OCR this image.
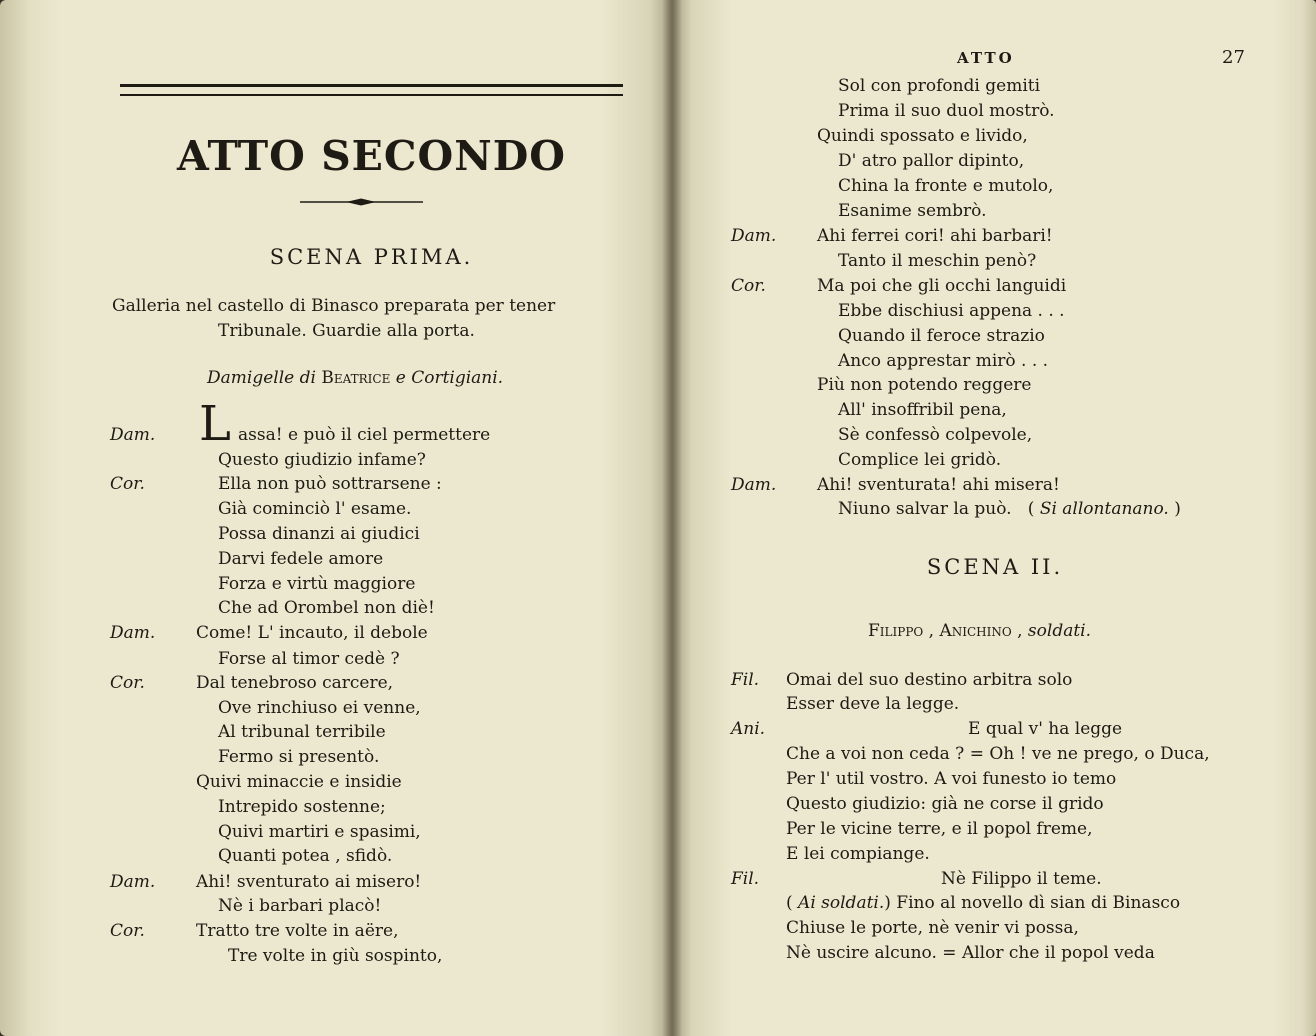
ATTO SECONDO
SCENA PRIMA.
Galleria nel castello di Binasco preparata per tener
Tribunale. Guardie alla porta.
Damigelle di Beatrice e Cortigiani.
L
Dam.	assa! e può il ciel permettere
Questo giudizio infame?
Cor.	Ella non può sottrarsene :
Già cominciò l' esame.
Possa dinanzi ai giudici
Darvi fedele amore
Forza e virtù maggiore
Che ad Orombel non diè!
Dam. Come! L' incauto, il debole
Forse al timor cedè ?
Cor.	Dal tenebroso carcere,
Ove rinchiuso ei venne,
Al tribunal terribile
Fermo si presentò.
Quivi minaccie e insidie
Intrepido sostenne;
Quivi martiri e spasimi,
Quanti potea , sfidò.
Dam. Ahi! sventurato ai misero!
Nè i barbari placò!
Cor.	Tratto tre volte in aëre,
Tre volte in giù sospinto,
ATTO	27
Sol con profondi gemiti
Prima il suo duol mostrò.
Quindi spossato e livido,
D' atro pallor dipinto,
China la fronte e mutolo,
Esanime sembrò.
Dam. Ahi ferrei cori! ahi barbari!
Tanto il meschin penò?
Cor.	Ma poi che gli occhi languidi
Ebbe dischiusi appena . . .
Quando il feroce strazio
Anco apprestar mirò . . .
Più non potendo reggere
All' insoffribil pena,
Sè confessò colpevole,
Complice lei gridò.
Dam. Ahi! sventurata! ahi misera!
Niuno salvar la può.   ( Si allontanano. )
SCENA II.
Filippo , Anichino , soldati.
Fil. Omai del suo destino arbitra solo
Esser deve la legge.
Ani.	E qual v' ha legge
Che a voi non ceda ? = Oh ! ve ne prego, o Duca,
Per l' util vostro. A voi funesto io temo
Questo giudizio: già ne corse il grido
Per le vicine terre, e il popol freme,
E lei compiange.
Fil.	Nè Filippo il teme.
( Ai soldati.) Fino al novello dì sian di Binasco
Chiuse le porte, nè venir vi possa,
Nè uscire alcuno. = Allor che il popol veda
